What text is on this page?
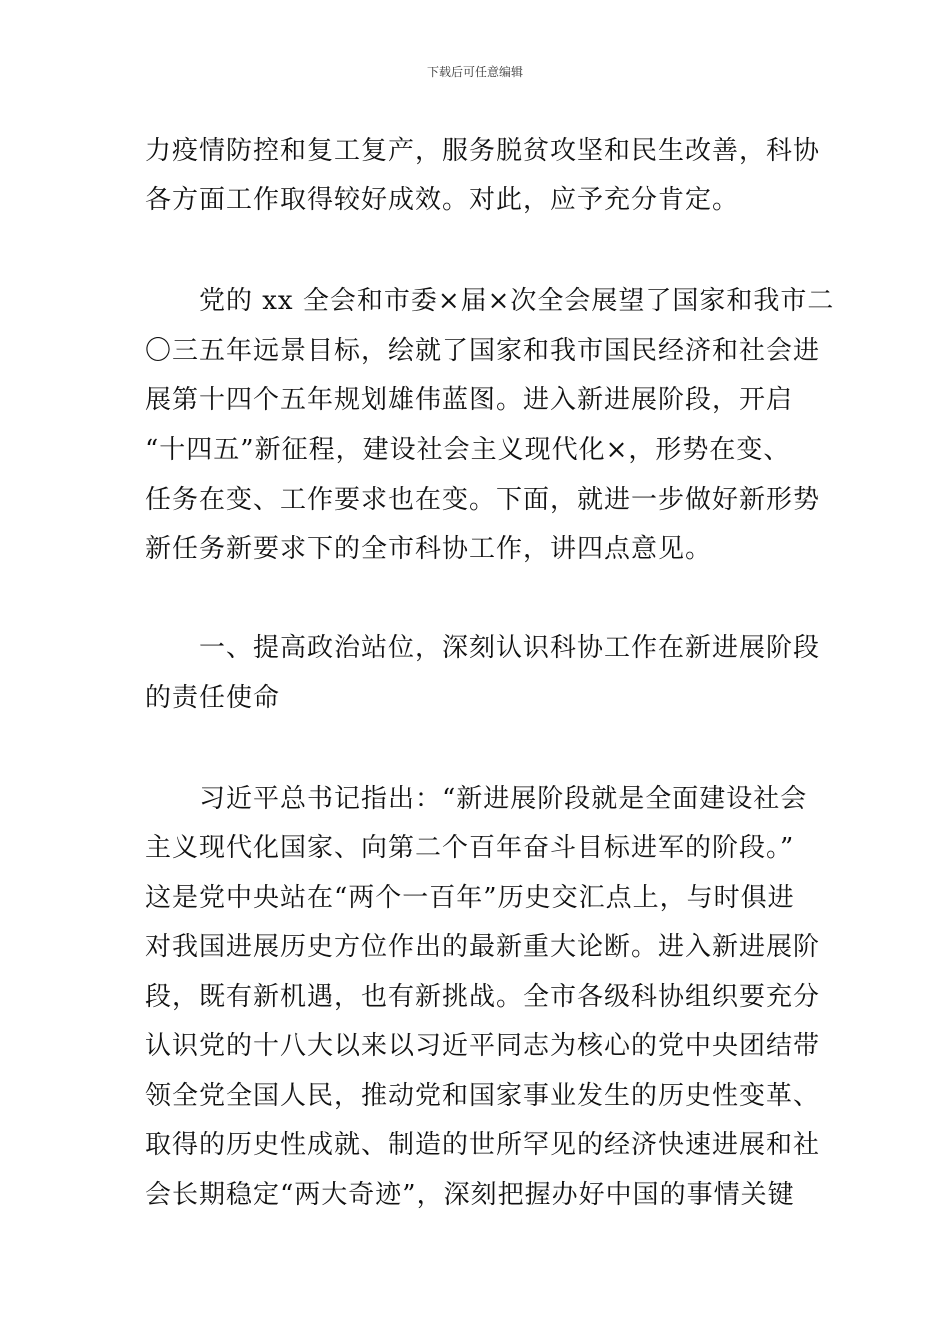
下载后可任意编辑
力疫情防控和复工复产，服务脱贫攻坚和民生改善，科协
各方面工作取得较好成效。对此，应予充分肯定。
　　党的 xx 全会和市委×届×次全会展望了国家和我市二
〇三五年远景目标，绘就了国家和我市国民经济和社会进
展第十四个五年规划雄伟蓝图。进入新进展阶段，开启
“十四五”新征程，建设社会主义现代化×，形势在变、
任务在变、工作要求也在变。下面，就进一步做好新形势
新任务新要求下的全市科协工作，讲四点意见。
　　一、提高政治站位，深刻认识科协工作在新进展阶段
的责任使命
　　习近平总书记指出：“新进展阶段就是全面建设社会
主义现代化国家、向第二个百年奋斗目标进军的阶段。”
这是党中央站在“两个一百年”历史交汇点上，与时俱进
对我国进展历史方位作出的最新重大论断。进入新进展阶
段，既有新机遇，也有新挑战。全市各级科协组织要充分
认识党的十八大以来以习近平同志为核心的党中央团结带
领全党全国人民，推动党和国家事业发生的历史性变革、
取得的历史性成就、制造的世所罕见的经济快速进展和社
会长期稳定“两大奇迹”，深刻把握办好中国的事情关键
